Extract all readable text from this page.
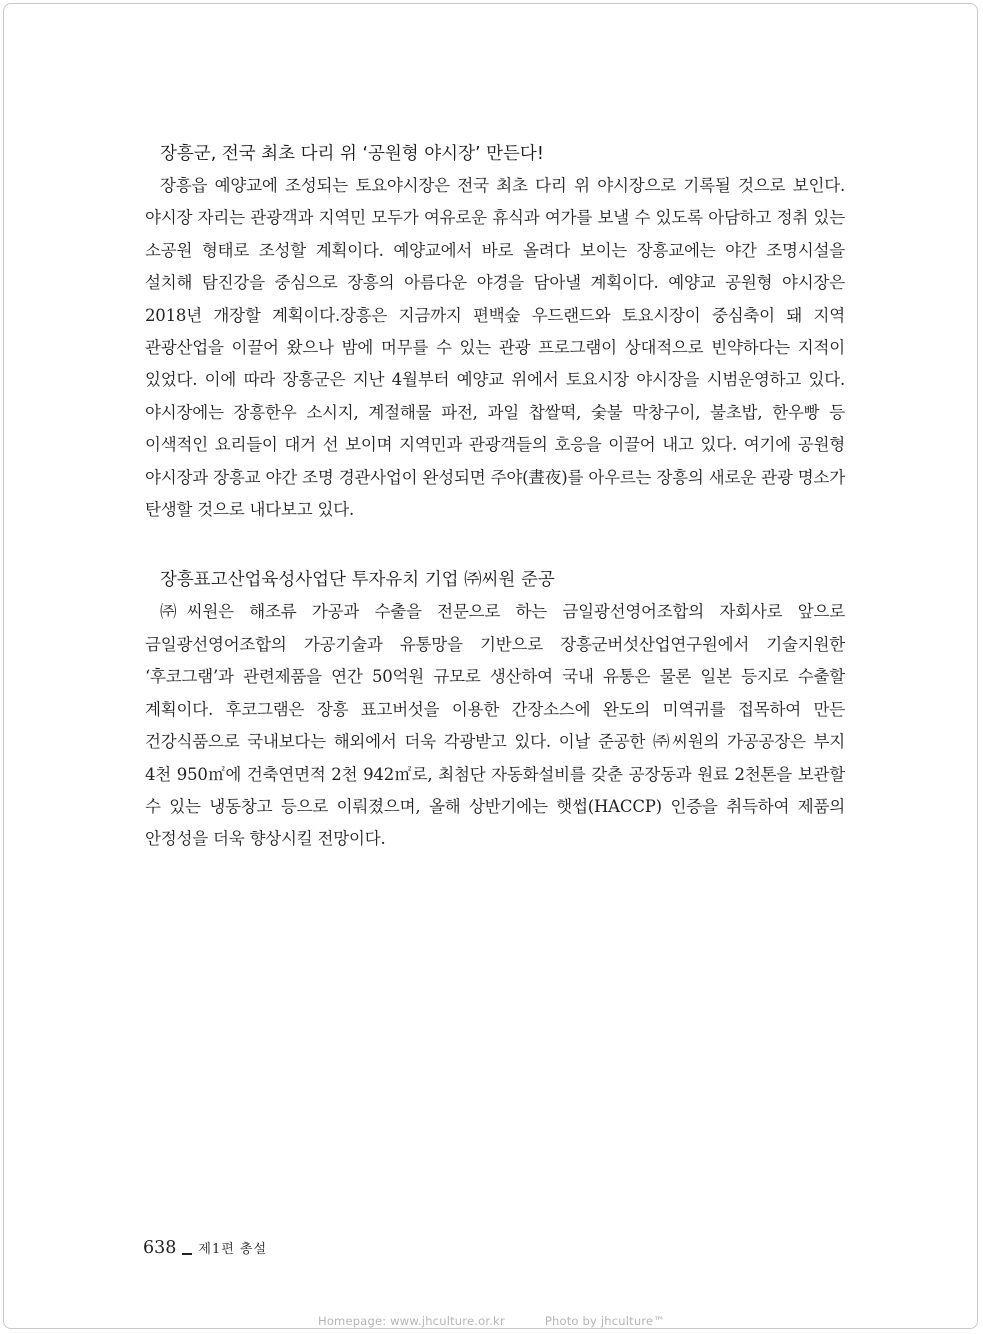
장흥군, 전국 최초 다리 위 ‘공원형 야시장’ 만든다!

장흥읍 예양교에 조성되는 토요야시장은 전국 최초 다리 위 야시장으로 기록될 것으로 보인다. 야시장 자리는 관광객과 지역민 모두가 여유로운 휴식과 여가를 보낼 수 있도록 아담하고 정취 있는 소공원 형태로 조성할 계획이다. 예양교에서 바로 올려다 보이는 장흥교에는 야간 조명시설을 설치해 탐진강을 중심으로 장흥의 아름다운 야경을 담아낼 계획이다. 예양교 공원형 야시장은 2018년 개장할 계획이다.장흥은 지금까지 편백숲 우드랜드와 토요시장이 중심축이 돼 지역 관광산업을 이끌어 왔으나 밤에 머무를 수 있는 관광 프로그램이 상대적으로 빈약하다는 지적이 있었다. 이에 따라 장흥군은 지난 4월부터 예양교 위에서 토요시장 야시장을 시범운영하고 있다. 야시장에는 장흥한우 소시지, 계절해물 파전, 과일 찹쌀떡, 숯불 막창구이, 불초밥, 한우빵 등 이색적인 요리들이 대거 선 보이며 지역민과 관광객들의 호응을 이끌어 내고 있다. 여기에 공원형 야시장과 장흥교 야간 조명 경관사업이 완성되면 주야(晝夜)를 아우르는 장흥의 새로운 관광 명소가 탄생할 것으로 내다보고 있다.

장흥표고산업육성사업단 투자유치 기업 ㈜씨원 준공

㈜씨원은 해조류 가공과 수출을 전문으로 하는 금일광선영어조합의 자회사로 앞으로 금일광선영어조합의 가공기술과 유통망을 기반으로 장흥군버섯산업연구원에서 기술지원한 ‘후코그램’과 관련제품을 연간 50억원 규모로 생산하여 국내 유통은 물론 일본 등지로 수출할 계획이다. 후코그램은 장흥 표고버섯을 이용한 간장소스에 완도의 미역귀를 접목하여 만든 건강식품으로 국내보다는 해외에서 더욱 각광받고 있다. 이날 준공한 ㈜씨원의 가공공장은 부지 4천 950㎡에 건축연면적 2천 942㎡로, 최첨단 자동화설비를 갖춘 공장동과 원료 2천톤을 보관할 수 있는 냉동창고 등으로 이뤄졌으며, 올해 상반기에는 햇썹(HACCP) 인증을 취득하여 제품의 안정성을 더욱 향상시킬 전망이다.

638 제1편 총설
Homepage: www.jhculture.or.kr	Photo by jhculture™
